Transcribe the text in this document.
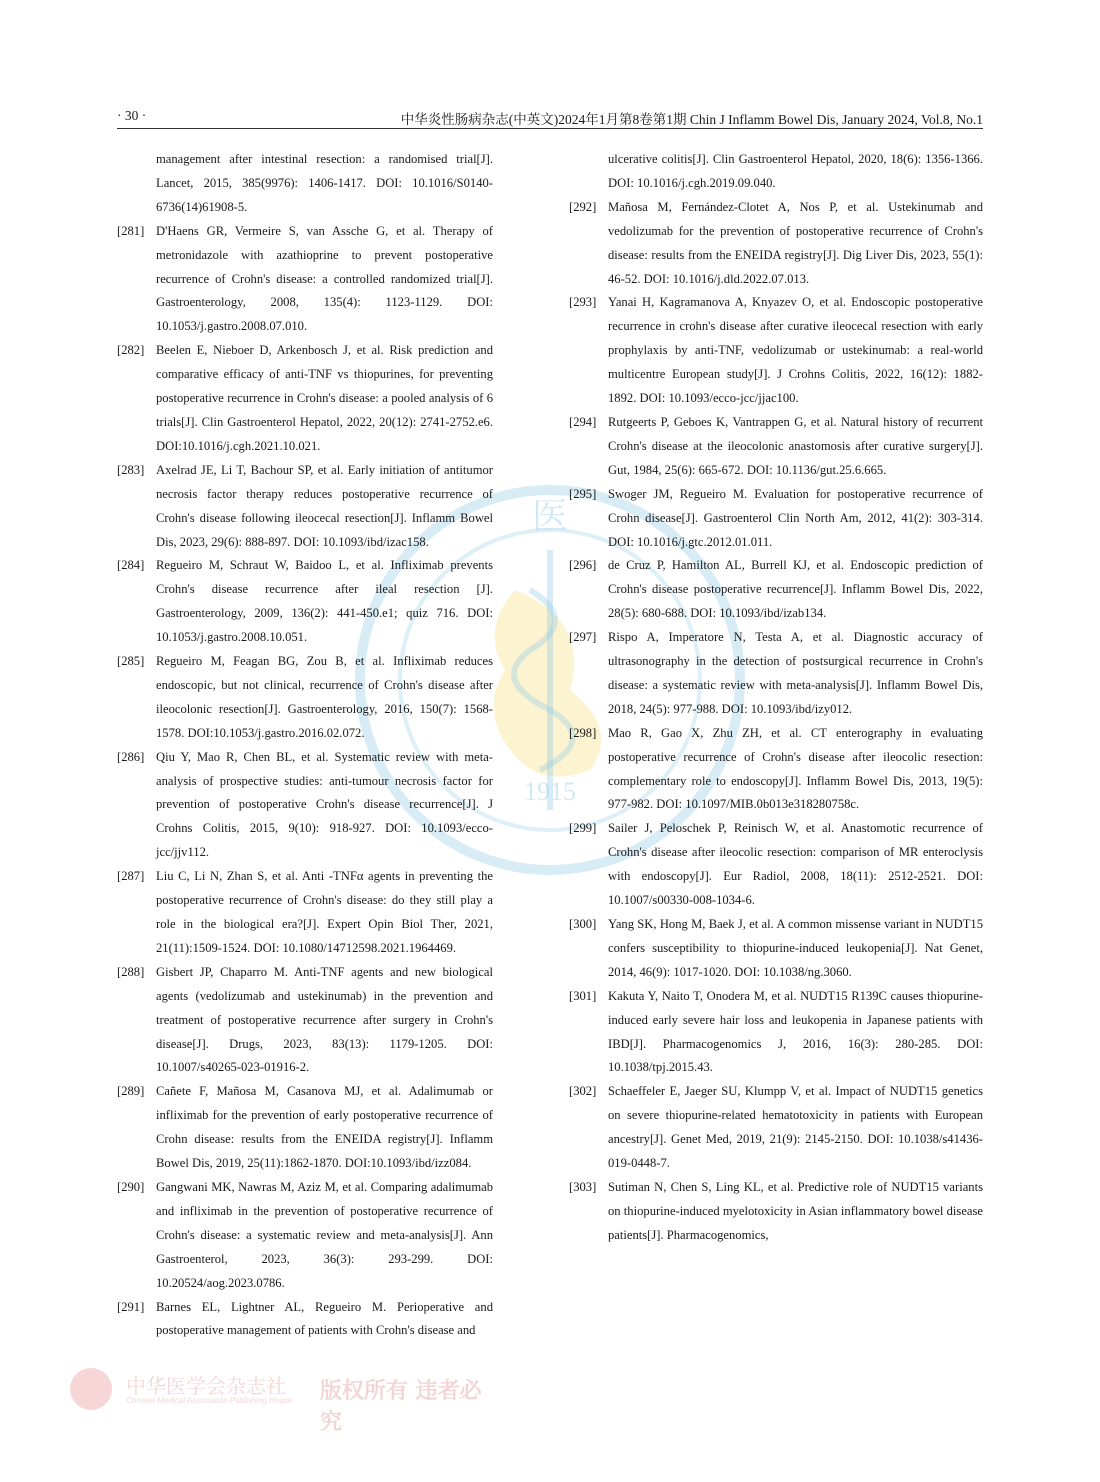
医
1915
· 30 ·	中华炎性肠病杂志(中英文)2024年1月第8卷第1期 Chin J Inflamm Bowel Dis, January 2024, Vol.8, No.1
management after intestinal resection: a randomised trial[J]. Lancet, 2015, 385(9976): 1406-1417. DOI: 10.1016/S0140-6736(14)61908-5.
[281] D'Haens GR, Vermeire S, van Assche G, et al. Therapy of metronidazole with azathioprine to prevent postoperative recurrence of Crohn's disease: a controlled randomized trial[J]. Gastroenterology, 2008, 135(4): 1123-1129. DOI: 10.1053/j.gastro.2008.07.010.
[282] Beelen E, Nieboer D, Arkenbosch J, et al. Risk prediction and comparative efficacy of anti-TNF vs thiopurines, for preventing postoperative recurrence in Crohn's disease: a pooled analysis of 6 trials[J]. Clin Gastroenterol Hepatol, 2022, 20(12): 2741-2752.e6. DOI:10.1016/j.cgh.2021.10.021.
[283] Axelrad JE, Li T, Bachour SP, et al. Early initiation of antitumor necrosis factor therapy reduces postoperative recurrence of Crohn's disease following ileocecal resection[J]. Inflamm Bowel Dis, 2023, 29(6): 888-897. DOI: 10.1093/ibd/izac158.
[284] Regueiro M, Schraut W, Baidoo L, et al. Infliximab prevents Crohn's disease recurrence after ileal resection [J]. Gastroenterology, 2009, 136(2): 441-450.e1; quiz 716. DOI: 10.1053/j.gastro.2008.10.051.
[285] Regueiro M, Feagan BG, Zou B, et al. Infliximab reduces endoscopic, but not clinical, recurrence of Crohn's disease after ileocolonic resection[J]. Gastroenterology, 2016, 150(7): 1568-1578. DOI:10.1053/j.gastro.2016.02.072.
[286] Qiu Y, Mao R, Chen BL, et al. Systematic review with meta-analysis of prospective studies: anti-tumour necrosis factor for prevention of postoperative Crohn's disease recurrence[J]. J Crohns Colitis, 2015, 9(10): 918-927. DOI: 10.1093/ecco-jcc/jjv112.
[287] Liu C, Li N, Zhan S, et al. Anti -TNFα agents in preventing the postoperative recurrence of Crohn's disease: do they still play a role in the biological era?[J]. Expert Opin Biol Ther, 2021, 21(11):1509-1524. DOI: 10.1080/14712598.2021.1964469.
[288] Gisbert JP, Chaparro M. Anti-TNF agents and new biological agents (vedolizumab and ustekinumab) in the prevention and treatment of postoperative recurrence after surgery in Crohn's disease[J]. Drugs, 2023, 83(13): 1179-1205. DOI: 10.1007/s40265-023-01916-2.
[289] Cañete F, Mañosa M, Casanova MJ, et al. Adalimumab or infliximab for the prevention of early postoperative recurrence of Crohn disease: results from the ENEIDA registry[J]. Inflamm Bowel Dis, 2019, 25(11):1862-1870. DOI:10.1093/ibd/izz084.
[290] Gangwani MK, Nawras M, Aziz M, et al. Comparing adalimumab and infliximab in the prevention of postoperative recurrence of Crohn's disease: a systematic review and meta-analysis[J]. Ann Gastroenterol, 2023, 36(3): 293-299. DOI: 10.20524/aog.2023.0786.
[291] Barnes EL, Lightner AL, Regueiro M. Perioperative and postoperative management of patients with Crohn's disease and
ulcerative colitis[J]. Clin Gastroenterol Hepatol, 2020, 18(6): 1356-1366. DOI: 10.1016/j.cgh.2019.09.040.
[292] Mañosa M, Fernández-Clotet A, Nos P, et al. Ustekinumab and vedolizumab for the prevention of postoperative recurrence of Crohn's disease: results from the ENEIDA registry[J]. Dig Liver Dis, 2023, 55(1): 46-52. DOI: 10.1016/j.dld.2022.07.013.
[293] Yanai H, Kagramanova A, Knyazev O, et al. Endoscopic postoperative recurrence in crohn's disease after curative ileocecal resection with early prophylaxis by anti-TNF, vedolizumab or ustekinumab: a real-world multicentre European study[J]. J Crohns Colitis, 2022, 16(12): 1882-1892. DOI: 10.1093/ecco-jcc/jjac100.
[294] Rutgeerts P, Geboes K, Vantrappen G, et al. Natural history of recurrent Crohn's disease at the ileocolonic anastomosis after curative surgery[J]. Gut, 1984, 25(6): 665-672. DOI: 10.1136/gut.25.6.665.
[295] Swoger JM, Regueiro M. Evaluation for postoperative recurrence of Crohn disease[J]. Gastroenterol Clin North Am, 2012, 41(2): 303-314. DOI: 10.1016/j.gtc.2012.01.011.
[296] de Cruz P, Hamilton AL, Burrell KJ, et al. Endoscopic prediction of Crohn's disease postoperative recurrence[J]. Inflamm Bowel Dis, 2022, 28(5): 680-688. DOI: 10.1093/ibd/izab134.
[297] Rispo A, Imperatore N, Testa A, et al. Diagnostic accuracy of ultrasonography in the detection of postsurgical recurrence in Crohn's disease: a systematic review with meta-analysis[J]. Inflamm Bowel Dis, 2018, 24(5): 977-988. DOI: 10.1093/ibd/izy012.
[298] Mao R, Gao X, Zhu ZH, et al. CT enterography in evaluating postoperative recurrence of Crohn's disease after ileocolic resection: complementary role to endoscopy[J]. Inflamm Bowel Dis, 2013, 19(5): 977-982. DOI: 10.1097/MIB.0b013e318280758c.
[299] Sailer J, Peloschek P, Reinisch W, et al. Anastomotic recurrence of Crohn's disease after ileocolic resection: comparison of MR enteroclysis with endoscopy[J]. Eur Radiol, 2008, 18(11): 2512-2521. DOI: 10.1007/s00330-008-1034-6.
[300] Yang SK, Hong M, Baek J, et al. A common missense variant in NUDT15 confers susceptibility to thiopurine-induced leukopenia[J]. Nat Genet, 2014, 46(9): 1017-1020. DOI: 10.1038/ng.3060.
[301] Kakuta Y, Naito T, Onodera M, et al. NUDT15 R139C causes thiopurine-induced early severe hair loss and leukopenia in Japanese patients with IBD[J]. Pharmacogenomics J, 2016, 16(3): 280-285. DOI: 10.1038/tpj.2015.43.
[302] Schaeffeler E, Jaeger SU, Klumpp V, et al. Impact of NUDT15 genetics on severe thiopurine-related hematotoxicity in patients with European ancestry[J]. Genet Med, 2019, 21(9): 2145-2150. DOI: 10.1038/s41436-019-0448-7.
[303] Sutiman N, Chen S, Ling KL, et al. Predictive role of NUDT15 variants on thiopurine-induced myelotoxicity in Asian inflammatory bowel disease patients[J]. Pharmacogenomics,
中华医学会杂志社
Chinese Medical Association Publishing House 版权所有 违者必究
